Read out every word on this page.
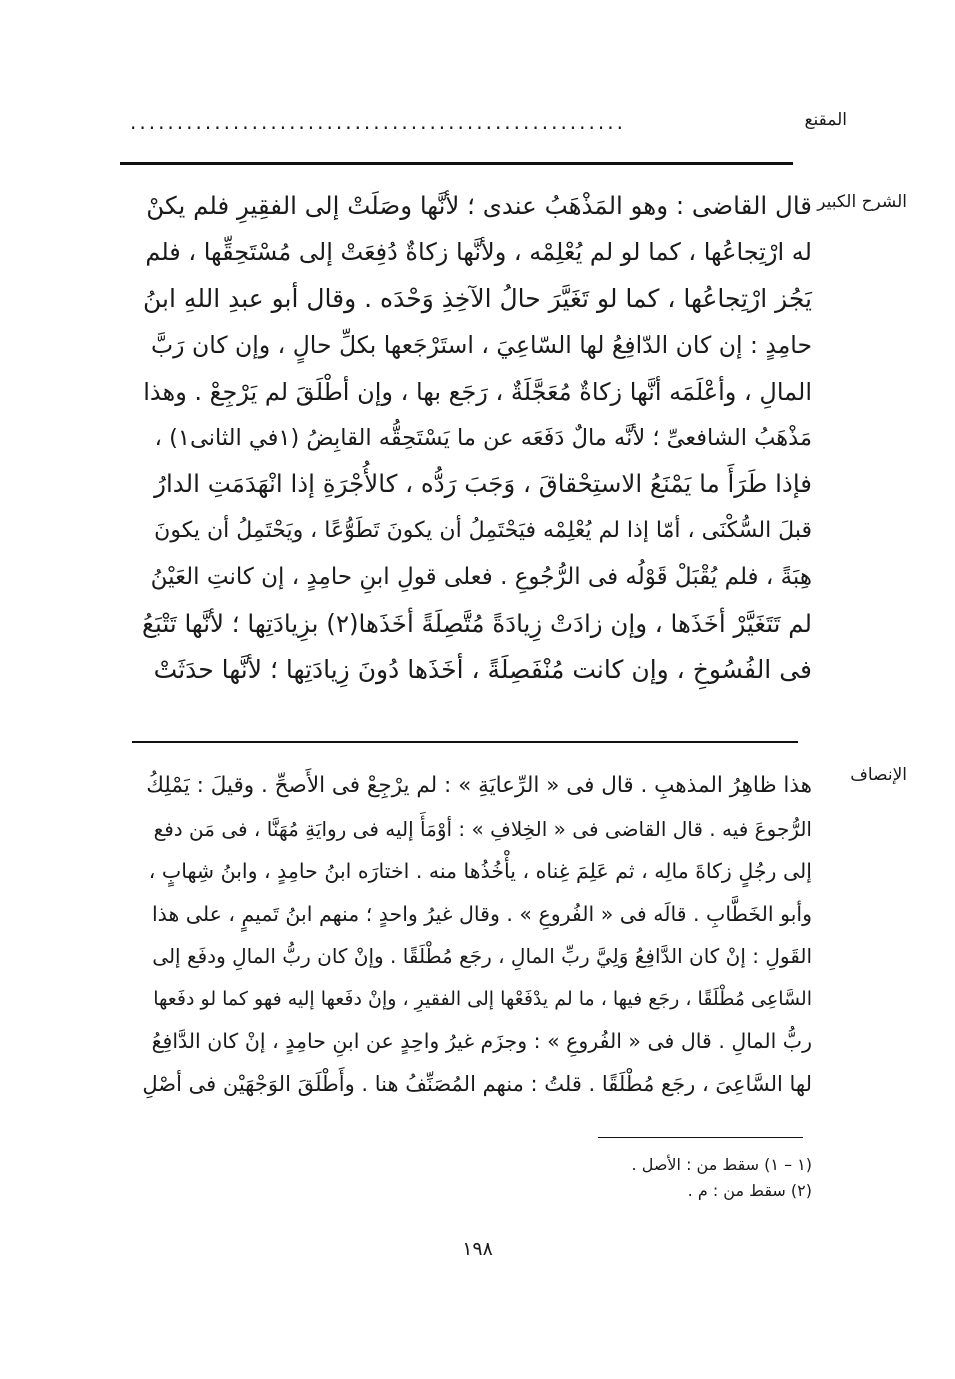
المقنع
.....................................................
الشرح الكبير
قال القاضى : وهو المَذْهَبُ عندى ؛ لأنَّها وصَلَتْ إلى الفقِيرِ فلم يكنْ
له ارْتِجاعُها ، كما لو لم يُعْلِمْه ، ولأنَّها زكاةٌ دُفِعَتْ إلى مُسْتَحِقِّها ، فلم
يَجُز ارْتِجاعُها ، كما لو تَغَيَّرَ حالُ الآخِذِ وَحْدَه . وقال أبو عبدِ اللهِ ابنُ
حامِدٍ : إن كان الدّافِعُ لها السّاعِيَ ، استَرْجَعها بكلِّ حالٍ ، وإن كان رَبَّ
المالِ ، وأعْلَمَه أنَّها زكاةٌ مُعَجَّلَةٌ ، رَجَع بها ، وإن أطْلَقَ لم يَرْجِعْ . وهذا
مَذْهَبُ الشافعىِّ ؛ لأنَّه مالٌ دَفَعَه عن ما يَسْتَحِقُّه القابِضُ (١في الثانى١) ،
فإذا طَرَأَ ما يَمْنَعُ الاستِحْقاقَ ، وَجَبَ رَدُّه ، كالأُجْرَةِ إذا انْهَدَمَتِ الدارُ
قبلَ السُّكْنَى ، أمّا إذا لم يُعْلِمْه فيَحْتَمِلُ أن يكونَ تَطَوُّعًا ، ويَحْتَمِلُ أن يكونَ
هِبَةً ، فلم يُقْبَلْ قَوْلُه فى الرُّجُوعِ . فعلى قولِ ابنِ حامِدٍ ، إن كانتِ العَيْنُ
لم تَتَغَيَّرْ أخَذَها ، وإن زادَتْ زِيادَةً مُتَّصِلَةً أخَذَها(٢) بزِيادَتِها ؛ لأنَّها تَتْبَعُ
فى الفُسُوخِ ، وإن كانت مُنْفَصِلَةً ، أخَذَها دُونَ زِيادَتِها ؛ لأنَّها حدَثَتْ
الإنصاف
هذا ظاهِرُ المذهبِ . قال فى « الرِّعايَةِ » : لم يرْجِعْ فى الأَصحِّ . وقيلَ : يَمْلِكُ
الرُّجوعَ فيه . قال القاضى فى « الخِلافِ » : أوْمَأَ إليه فى روايَةِ مُهَنَّا ، فى مَن دفع
إلى رجُلٍ زكاةَ مالِه ، ثم عَلِمَ غِناه ، يأْخُذُها منه . اختارَه ابنُ حامِدٍ ، وابنُ شِهابٍ ،
وأبو الخَطَّابِ . قالَه فى « الفُروعِ » . وقال غيرُ واحدٍ ؛ منهم ابنُ تَميمٍ ، على هذا
القَولِ : إنْ كان الدَّافِعُ وَلِيَّ ربِّ المالِ ، رجَع مُطْلَقًا . وإنْ كان ربُّ المالِ ودفَع إلى
السَّاعِى مُطْلَقًا ، رجَع فيها ، ما لم يدْفَعْها إلى الفقيرِ ، وإنْ دفَعها إليه فهو كما لو دفَعها
ربُّ المالِ . قال فى « الفُروعِ » : وجزَم غيرُ واحِدٍ عن ابنِ حامِدٍ ، إنْ كان الدَّافِعُ
لها السَّاعِىَ ، رجَع مُطْلَقًا . قلتُ : منهم المُصَنِّفُ هنا . وأَطْلَقَ الوَجْهَيْن فى أصْلِ
(١ – ١) سقط من : الأصل .
(٢) سقط من : م .
١٩٨
